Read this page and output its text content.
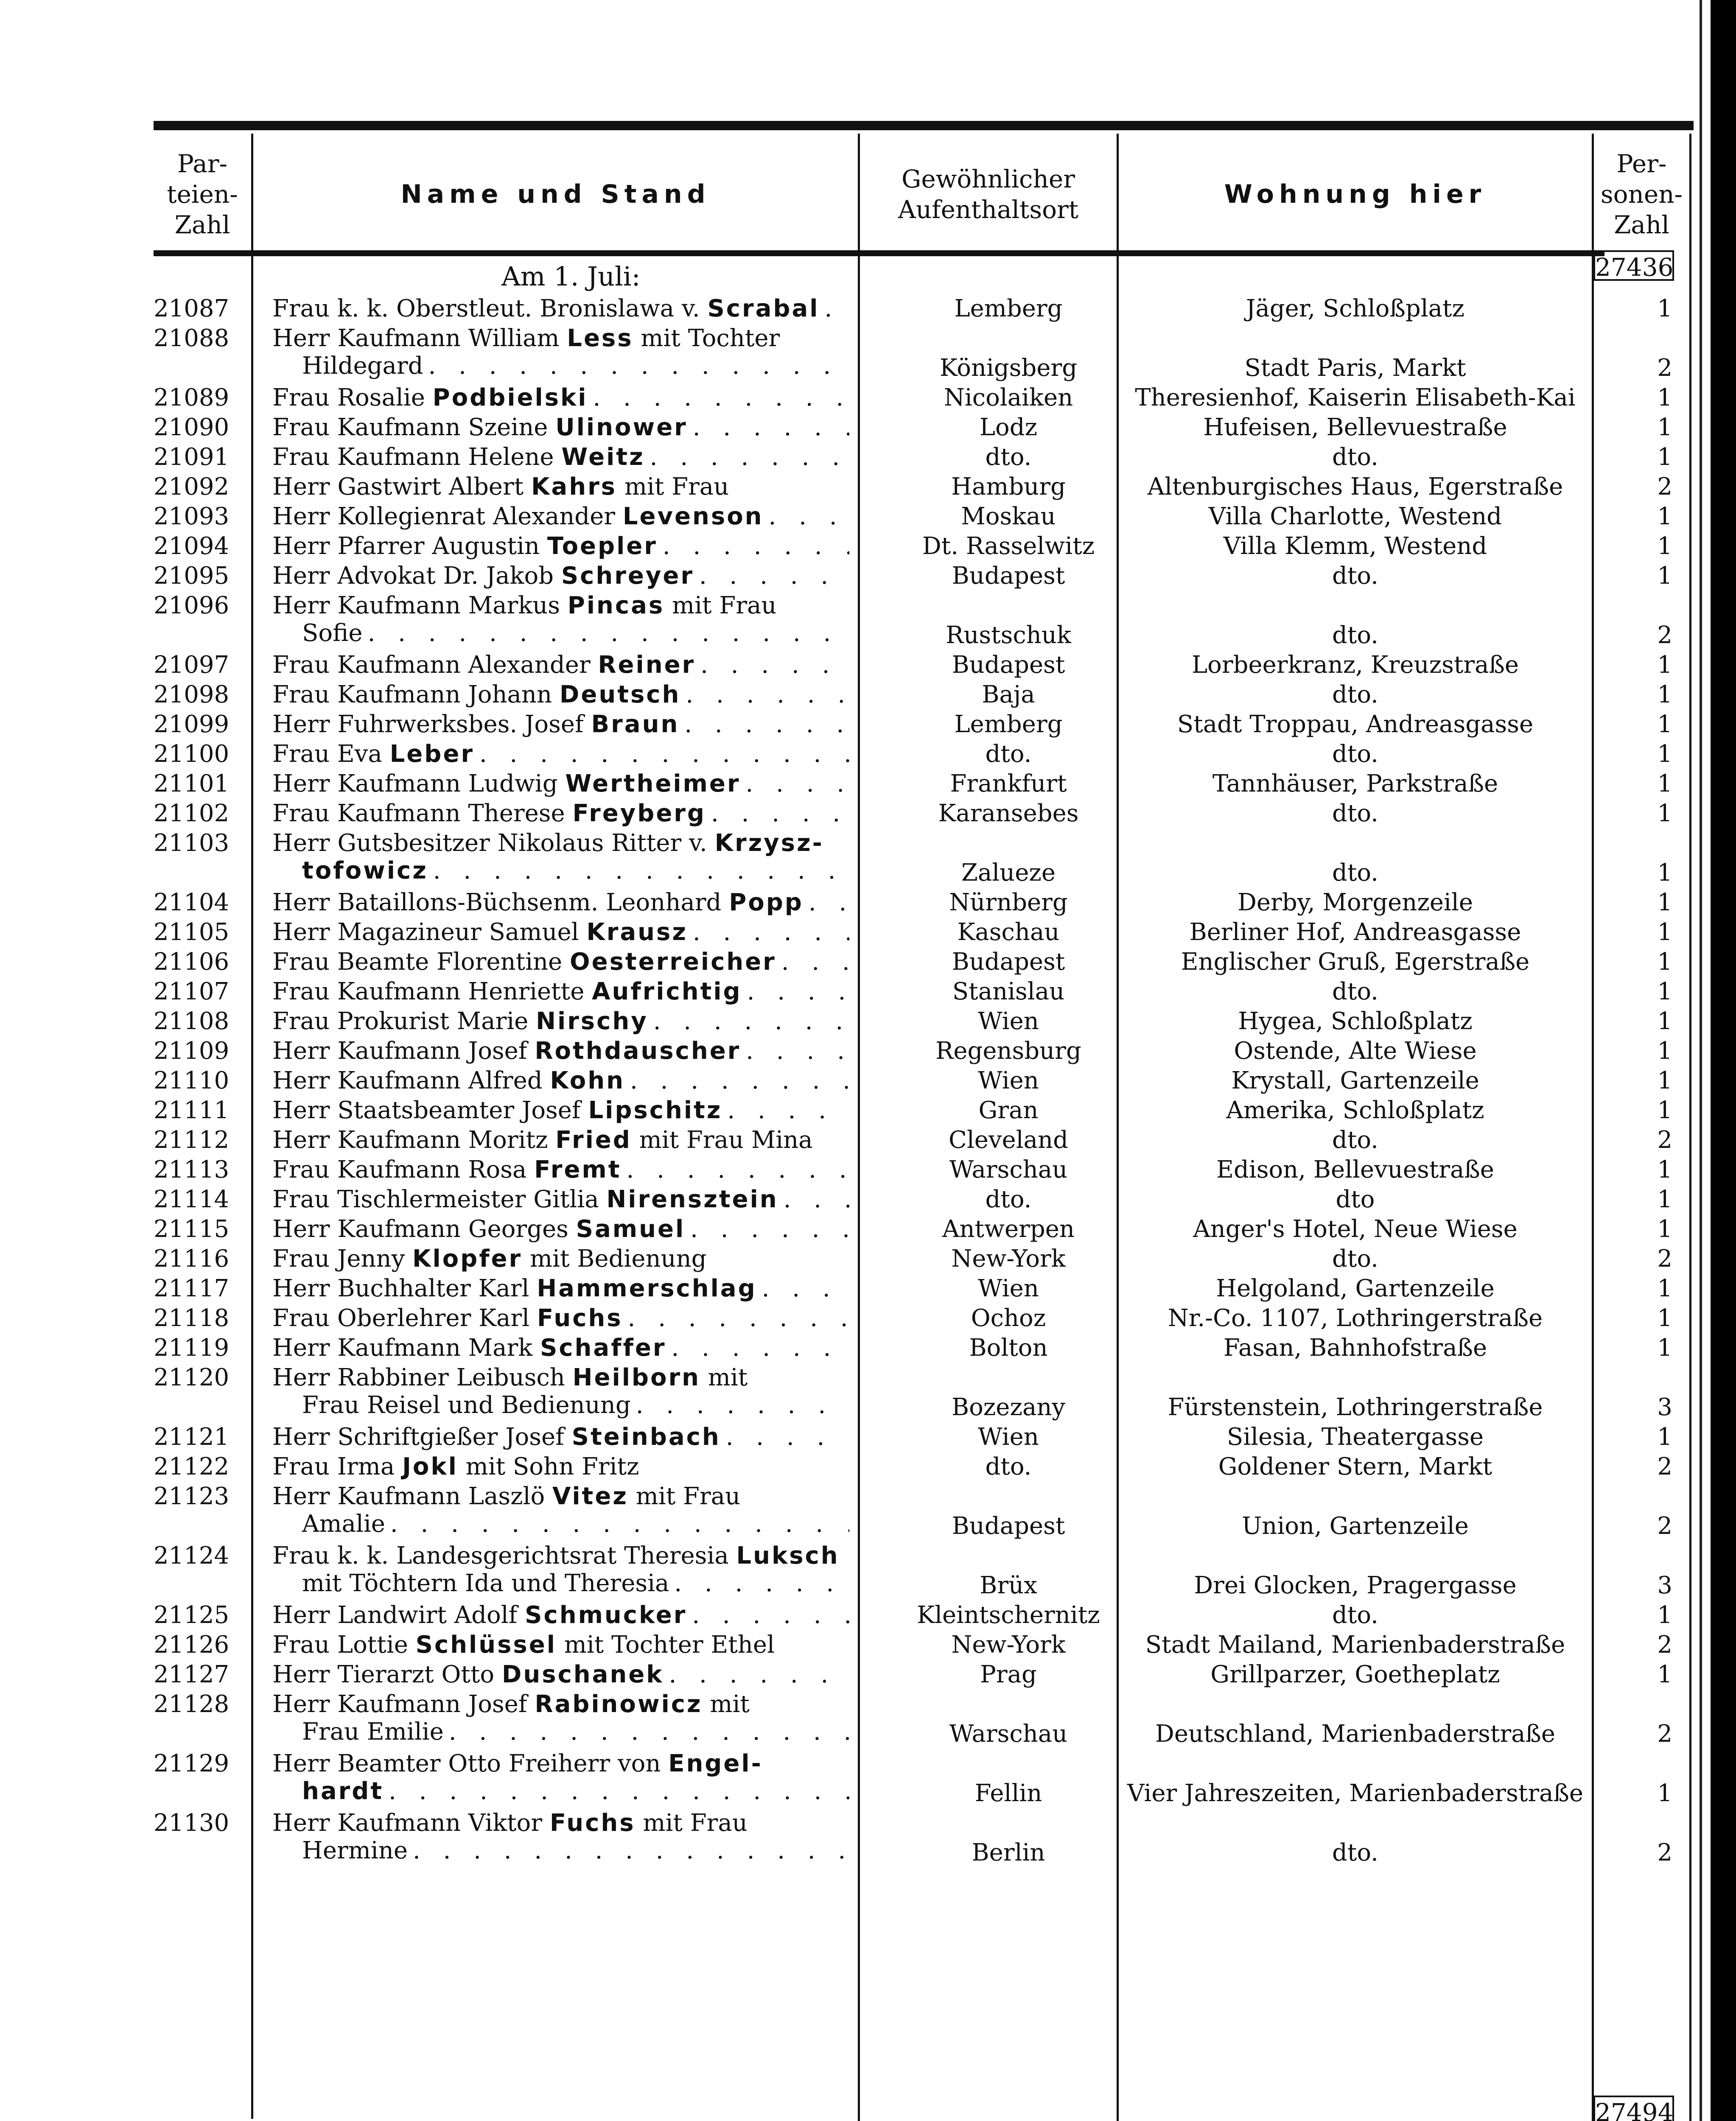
Par-
teien-
Zahl
Name und Stand
Gewöhnlicher
Aufenthaltsort
Wohnung hier
Per-
sonen-
Zahl
Am 1. Juli:	27436
21087	Frau k. k. Oberstleut. Bronislawa v. Scrabal . . .	Lemberg	Jäger, Schloßplatz	1
21088	Herr Kaufmann William Less mit Tochter
Hildegard . . .	Königsberg	Stadt Paris, Markt	2
21089	Frau Rosalie Podbielski . . .	Nicolaiken	Theresienhof, Kaiserin Elisabeth-Kai	1
21090	Frau Kaufmann Szeine Ulinower . . .	Lodz	Hufeisen, Bellevuestraße	1
21091	Frau Kaufmann Helene Weitz . . .	dto.	dto.	1
21092	Herr Gastwirt Albert Kahrs mit Frau	Hamburg	Altenburgisches Haus, Egerstraße	2
21093	Herr Kollegienrat Alexander Levenson . . .	Moskau	Villa Charlotte, Westend	1
21094	Herr Pfarrer Augustin Toepler . . .	Dt. Rasselwitz	Villa Klemm, Westend	1
21095	Herr Advokat Dr. Jakob Schreyer . . .	Budapest	dto.	1
21096	Herr Kaufmann Markus Pincas mit Frau
Sofie . . .	Rustschuk	dto.	2
21097	Frau Kaufmann Alexander Reiner . . .	Budapest	Lorbeerkranz, Kreuzstraße	1
21098	Frau Kaufmann Johann Deutsch . . .	Baja	dto.	1
21099	Herr Fuhrwerksbes. Josef Braun . . .	Lemberg	Stadt Troppau, Andreasgasse	1
21100	Frau Eva Leber . . .	dto.	dto.	1
21101	Herr Kaufmann Ludwig Wertheimer . . .	Frankfurt	Tannhäuser, Parkstraße	1
21102	Frau Kaufmann Therese Freyberg . . .	Karansebes	dto.	1
21103	Herr Gutsbesitzer Nikolaus Ritter v. Krzysz-
tofowicz . . .	Zalueze	dto.	1
21104	Herr Bataillons-Büchsenm. Leonhard Popp . . .	Nürnberg	Derby, Morgenzeile	1
21105	Herr Magazineur Samuel Krausz . . .	Kaschau	Berliner Hof, Andreasgasse	1
21106	Frau Beamte Florentine Oesterreicher . . .	Budapest	Englischer Gruß, Egerstraße	1
21107	Frau Kaufmann Henriette Aufrichtig . . .	Stanislau	dto.	1
21108	Frau Prokurist Marie Nirschy . . .	Wien	Hygea, Schloßplatz	1
21109	Herr Kaufmann Josef Rothdauscher . . .	Regensburg	Ostende, Alte Wiese	1
21110	Herr Kaufmann Alfred Kohn . . .	Wien	Krystall, Gartenzeile	1
21111	Herr Staatsbeamter Josef Lipschitz . . .	Gran	Amerika, Schloßplatz	1
21112	Herr Kaufmann Moritz Fried mit Frau Mina	Cleveland	dto.	2
21113	Frau Kaufmann Rosa Fremt . . .	Warschau	Edison, Bellevuestraße	1
21114	Frau Tischlermeister Gitlia Nirensztein . . .	dto.	dto	1
21115	Herr Kaufmann Georges Samuel . . .	Antwerpen	Anger's Hotel, Neue Wiese	1
21116	Frau Jenny Klopfer mit Bedienung	New-York	dto.	2
21117	Herr Buchhalter Karl Hammerschlag . . .	Wien	Helgoland, Gartenzeile	1
21118	Frau Oberlehrer Karl Fuchs . . .	Ochoz	Nr.-Co. 1107, Lothringerstraße	1
21119	Herr Kaufmann Mark Schaffer . . .	Bolton	Fasan, Bahnhofstraße	1
21120	Herr Rabbiner Leibusch Heilborn mit
Frau Reisel und Bedienung . . .	Bozezany	Fürstenstein, Lothringerstraße	3
21121	Herr Schriftgießer Josef Steinbach . . .	Wien	Silesia, Theatergasse	1
21122	Frau Irma Jokl mit Sohn Fritz	dto.	Goldener Stern, Markt	2
21123	Herr Kaufmann Laszlö Vitez mit Frau
Amalie . . .	Budapest	Union, Gartenzeile	2
21124	Frau k. k. Landesgerichtsrat Theresia Luksch
mit Töchtern Ida und Theresia . . .	Brüx	Drei Glocken, Pragergasse	3
21125	Herr Landwirt Adolf Schmucker . . .	Kleintschernitz	dto.	1
21126	Frau Lottie Schlüssel mit Tochter Ethel	New-York	Stadt Mailand, Marienbaderstraße	2
21127	Herr Tierarzt Otto Duschanek . . .	Prag	Grillparzer, Goetheplatz	1
21128	Herr Kaufmann Josef Rabinowicz mit
Frau Emilie . . .	Warschau	Deutschland, Marienbaderstraße	2
21129	Herr Beamter Otto Freiherr von Engel-
hardt . . .	Fellin	Vier Jahreszeiten, Marienbaderstraße	1
21130	Herr Kaufmann Viktor Fuchs mit Frau
Hermine . . .	Berlin	dto.	2
27494
